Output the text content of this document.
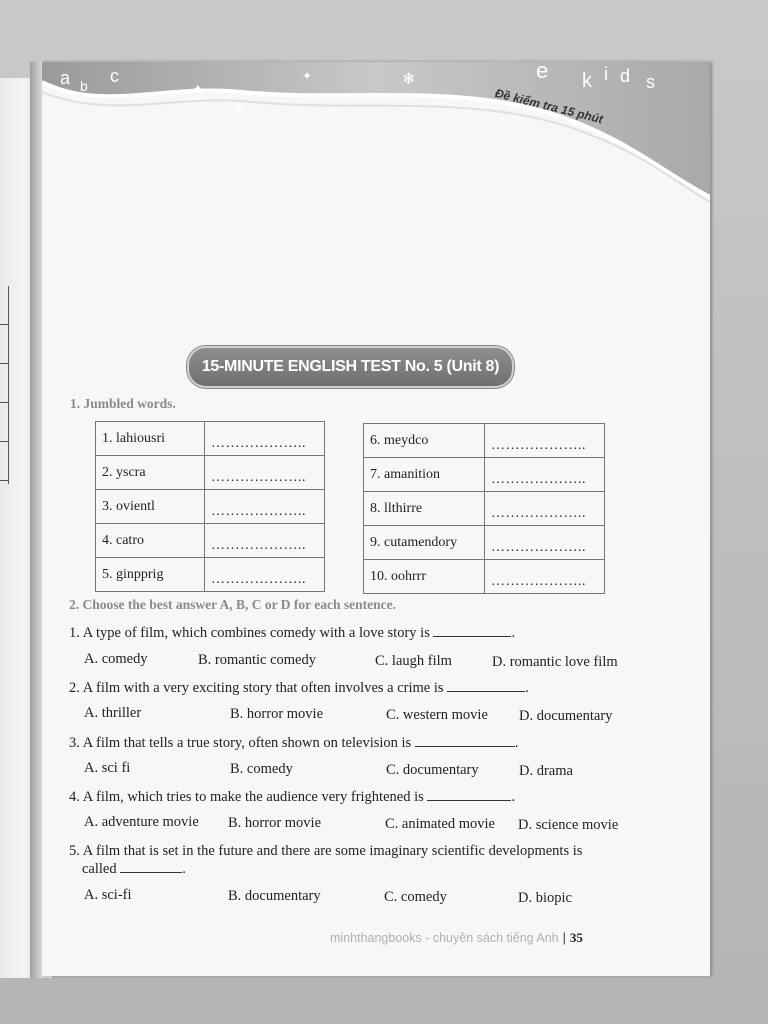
✦
✦	❄
★
a b c	e k i d s
Đề kiểm tra 15 phút
15-MINUTE ENGLISH TEST No. 5 (Unit 8)
1. Jumbled words.
1. lahiousri	………………..
2. yscra	………………..
3. ovientl	………………..
4. catro	………………..
5. ginpprig	………………..
6. meydco	………………..
7. amanition	………………..
8. llthirre	………………..
9. cutamendory	………………..
10. oohrrr	………………..
2. Choose the best answer A, B, C or D for each sentence.
1. A type of film, which combines comedy with a love story is	.
A. comedy	B. romantic comedy	C. laugh film	D. romantic love film
2. A film with a very exciting story that often involves a crime is	.
A. thriller	B. horror movie	C. western movie D. documentary
3. A film that tells a true story, often shown on television is	.
A. sci fi	B. comedy	C. documentary	D. drama
4. A film, which tries to make the audience very frightened is	.
A. adventure movie B. horror movie	C. animated movie D. science movie
5. A film that is set in the future and there are some imaginary scientific developments is
called	.
A. sci-fi	B. documentary	C. comedy	D. biopic
minhthangbooks - chuyên sách tiếng Anh | 35
